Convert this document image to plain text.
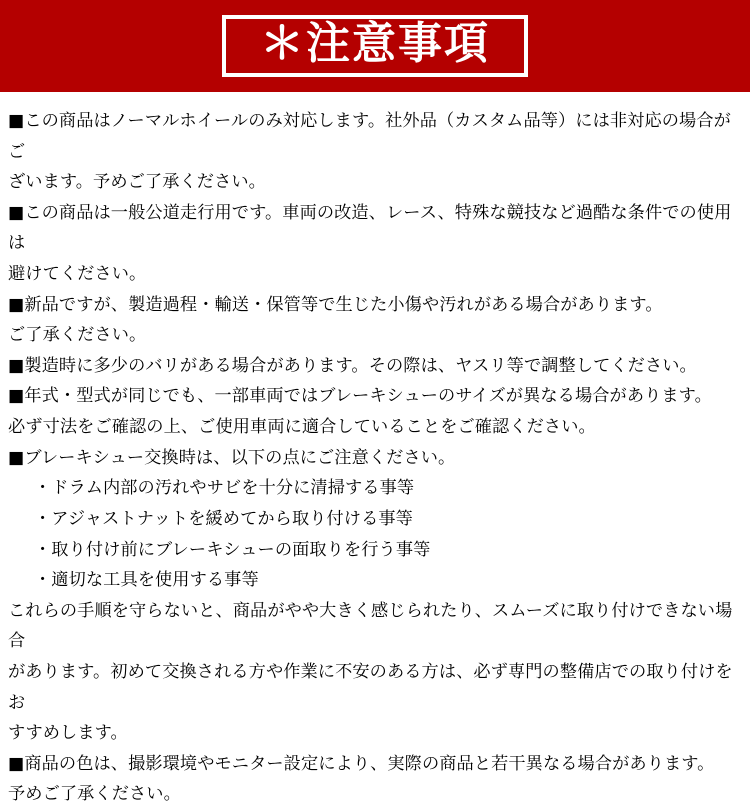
＊注意事項
■この商品はノーマルホイールのみ対応します。社外品（カスタム品等）には非対応の場合がご
ざいます。予めご了承ください。
■この商品は一般公道走行用です。車両の改造、レース、特殊な競技など過酷な条件での使用は
避けてください。
■新品ですが、製造過程・輸送・保管等で生じた小傷や汚れがある場合があります。
ご了承ください。
■製造時に多少のバリがある場合があります。その際は、ヤスリ等で調整してください。
■年式・型式が同じでも、一部車両ではブレーキシューのサイズが異なる場合があります。
必ず寸法をご確認の上、ご使用車両に適合していることをご確認ください。
■ブレーキシュー交換時は、以下の点にご注意ください。
・ドラム内部の汚れやサビを十分に清掃する事等
・アジャストナットを緩めてから取り付ける事等
・取り付け前にブレーキシューの面取りを行う事等
・適切な工具を使用する事等
これらの手順を守らないと、商品がやや大きく感じられたり、スムーズに取り付けできない場合
があります。初めて交換される方や作業に不安のある方は、必ず専門の整備店での取り付けをお
すすめします。
■商品の色は、撮影環境やモニター設定により、実際の商品と若干異なる場合があります。
予めご了承ください。
